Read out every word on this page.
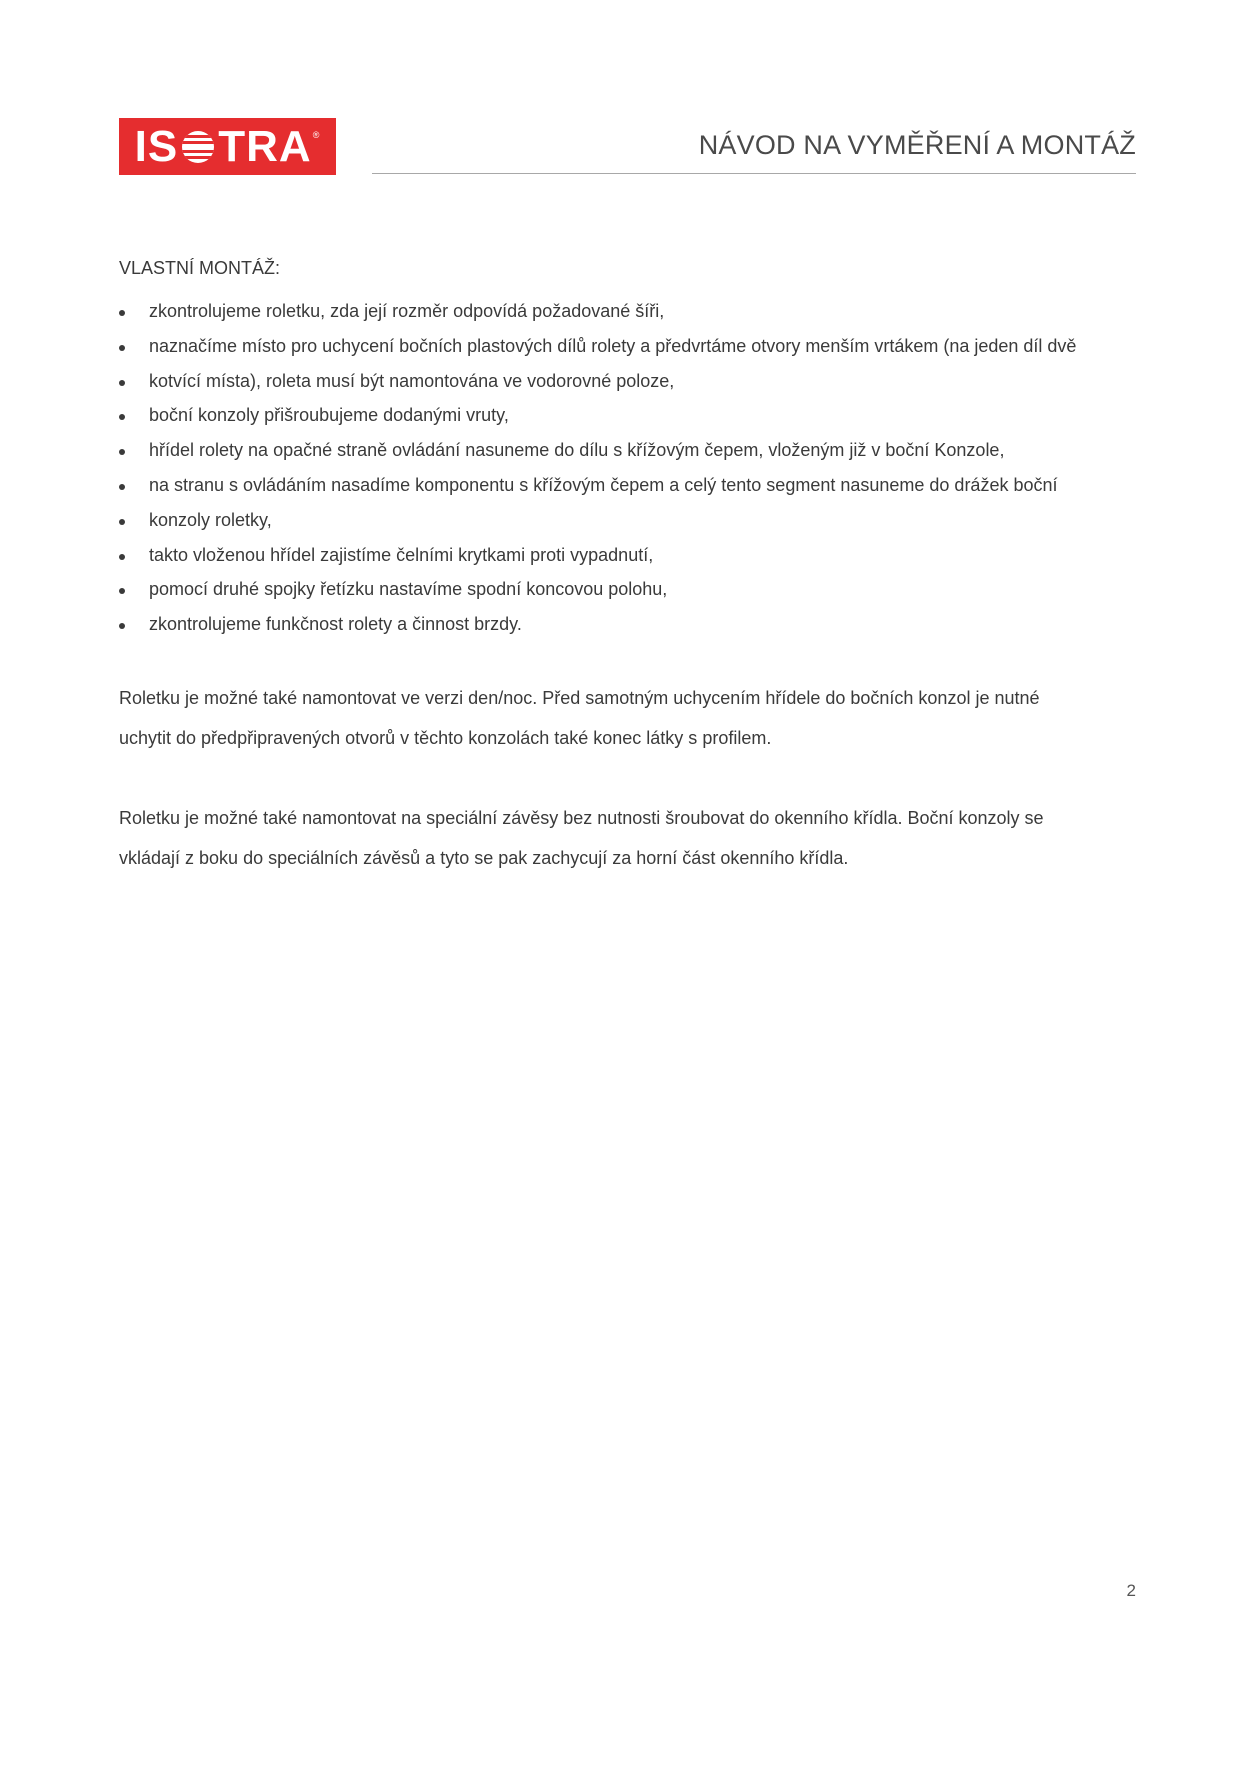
IS TRA ®	NÁVOD NA VYMĚŘENÍ A MONTÁŽ
VLASTNÍ MONTÁŽ:
zkontrolujeme roletku, zda její rozměr odpovídá požadované šíři,
naznačíme místo pro uchycení bočních plastových dílů rolety a předvrtáme otvory menším vrtákem (na jeden díl dvě
kotvící místa), roleta musí být namontována ve vodorovné poloze,
boční konzoly přišroubujeme dodanými vruty,
hřídel rolety na opačné straně ovládání nasuneme do dílu s křížovým čepem, vloženým již v boční Konzole,
na stranu s ovládáním nasadíme komponentu s křížovým čepem a celý tento segment nasuneme do drážek boční
konzoly roletky,
takto vloženou hřídel zajistíme čelními krytkami proti vypadnutí,
pomocí druhé spojky řetízku nastavíme spodní koncovou polohu,
zkontrolujeme funkčnost rolety a činnost brzdy.

Roletku je možné také namontovat ve verzi den/noc. Před samotným uchycením hřídele do bočních konzol je nutné
uchytit do předpřipravených otvorů v těchto konzolách také konec látky s profilem.

Roletku je možné také namontovat na speciální závěsy bez nutnosti šroubovat do okenního křídla. Boční konzoly se
vkládají z boku do speciálních závěsů a tyto se pak zachycují za horní část okenního křídla.

2
